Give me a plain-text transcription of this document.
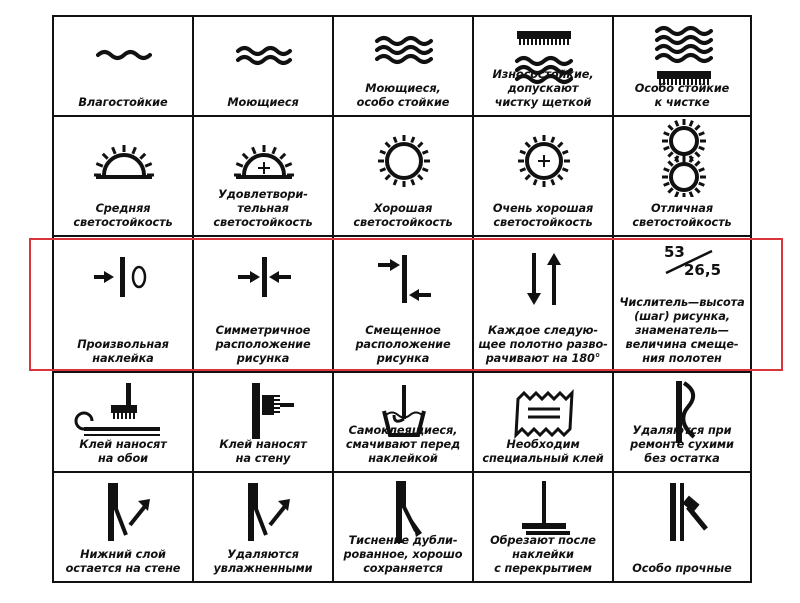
Влагостойкие	Моющиеся
Моющиеся,
особо стойкие
Износостойкие,
допускают
чистку щеткой
Особо стойкие
к чистке
Средняя
светостойкость
Удовлетвори-
тельная
светостойкость
Хорошая
светостойкость
Очень хорошая
светостойкость
Отличная
светостойкость
Произвольная
наклейка
Симметричное
расположение
рисунка
Смещенное
расположение
рисунка
Каждое следую-
щее полотно разво-
рачивают на 180°
53
26,5
Числитель—высота
(шаг) рисунка,
знаменатель—
величина смеще-
ния полотен
Клей наносят
на обои
Клей наносят
на стену
Самоклеящиеся,
смачивают перед
наклейкой
Необходим
специальный клей
Удаляются при
ремонте сухими
без остатка
Нижний слой
остается на стене
Удаляются
увлажненными
Тиснение дубли-
рованное, хорошо
сохраняется
Обрезают после
наклейки
с перекрытием	Особо прочные
